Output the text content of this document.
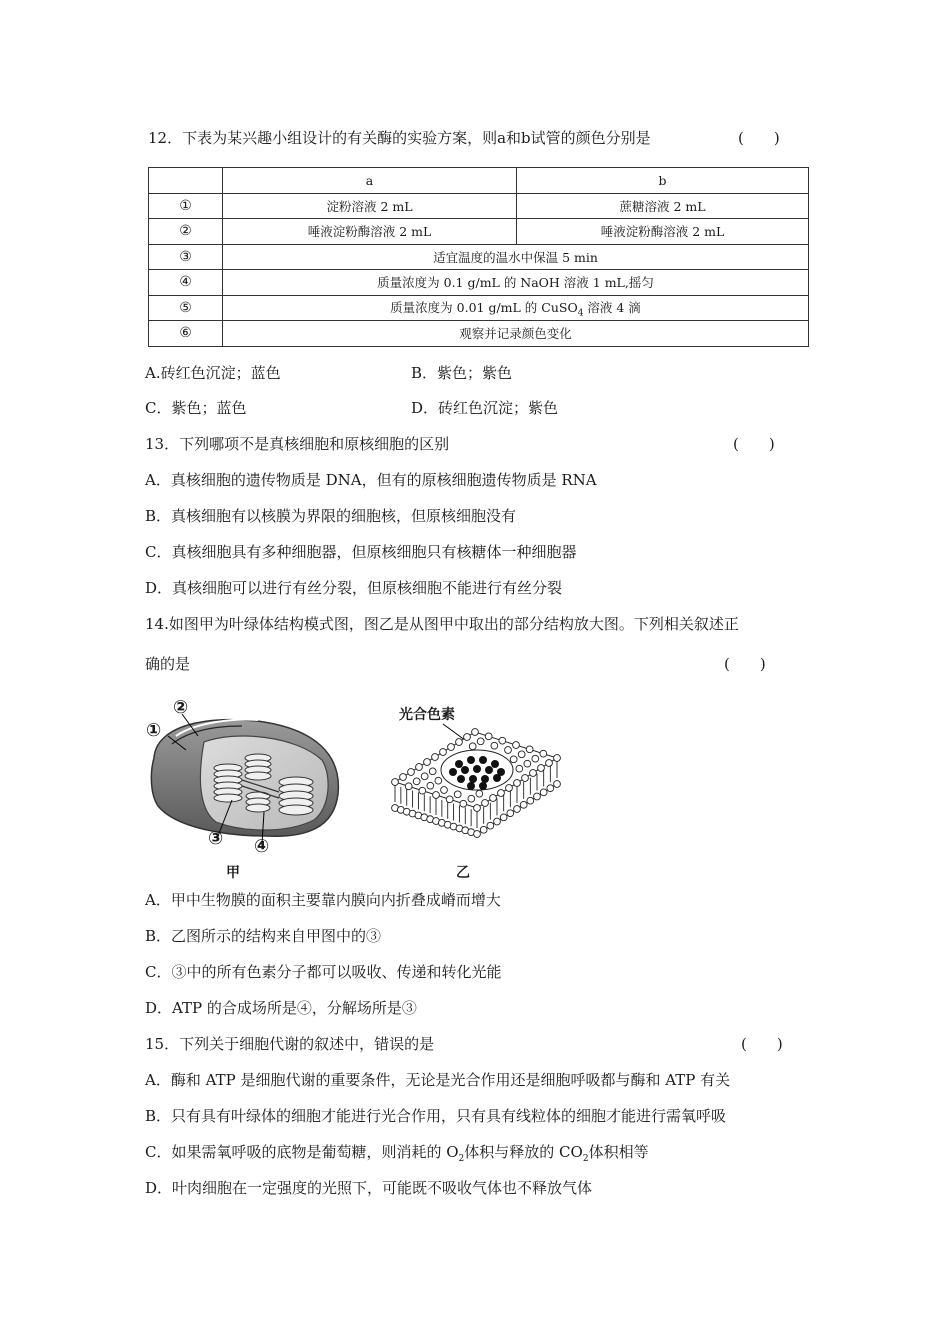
12．下表为某兴趣小组设计的有关酶的实验方案，则a和b试管的颜色分别是	(　　)
	a	b
①	淀粉溶液 2 mL	蔗糖溶液 2 mL
②	唾液淀粉酶溶液 2 mL	唾液淀粉酶溶液 2 mL
③	适宜温度的温水中保温 5 min	
④	质量浓度为 0.1 g/mL 的 NaOH 溶液 1 mL,摇匀	
⑤	质量浓度为 0.01 g/mL 的 CuSO$_4$ 溶液 4 滴	
⑥	观察并记录颜色变化	
A.砖红色沉淀；蓝色	B．紫色；紫色
C．紫色；蓝色	D．砖红色沉淀；紫色
13．下列哪项不是真核细胞和原核细胞的区别	(　　)
A．真核细胞的遗传物质是 DNA，但有的原核细胞遗传物质是 RNA
B．真核细胞有以核膜为界限的细胞核，但原核细胞没有
C．真核细胞具有多种细胞器，但原核细胞只有核糖体一种细胞器
D．真核细胞可以进行有丝分裂，但原核细胞不能进行有丝分裂
14.如图甲为叶绿体结构模式图，图乙是从图甲中取出的部分结构放大图。下列相关叙述正
确的是	(　　)
①
②
③ ④
甲
光合色素
乙
A．甲中生物膜的面积主要靠内膜向内折叠成嵴而增大
B．乙图所示的结构来自甲图中的③
C．③中的所有色素分子都可以吸收、传递和转化光能
D．ATP 的合成场所是④，分解场所是③
15．下列关于细胞代谢的叙述中，错误的是	(　　)
A．酶和 ATP 是细胞代谢的重要条件，无论是光合作用还是细胞呼吸都与酶和 ATP 有关
B．只有具有叶绿体的细胞才能进行光合作用，只有具有线粒体的细胞才能进行需氧呼吸
C．如果需氧呼吸的底物是葡萄糖，则消耗的 $O_2$体积与释放的 $CO_2$体积相等
D．叶肉细胞在一定强度的光照下，可能既不吸收气体也不释放气体
